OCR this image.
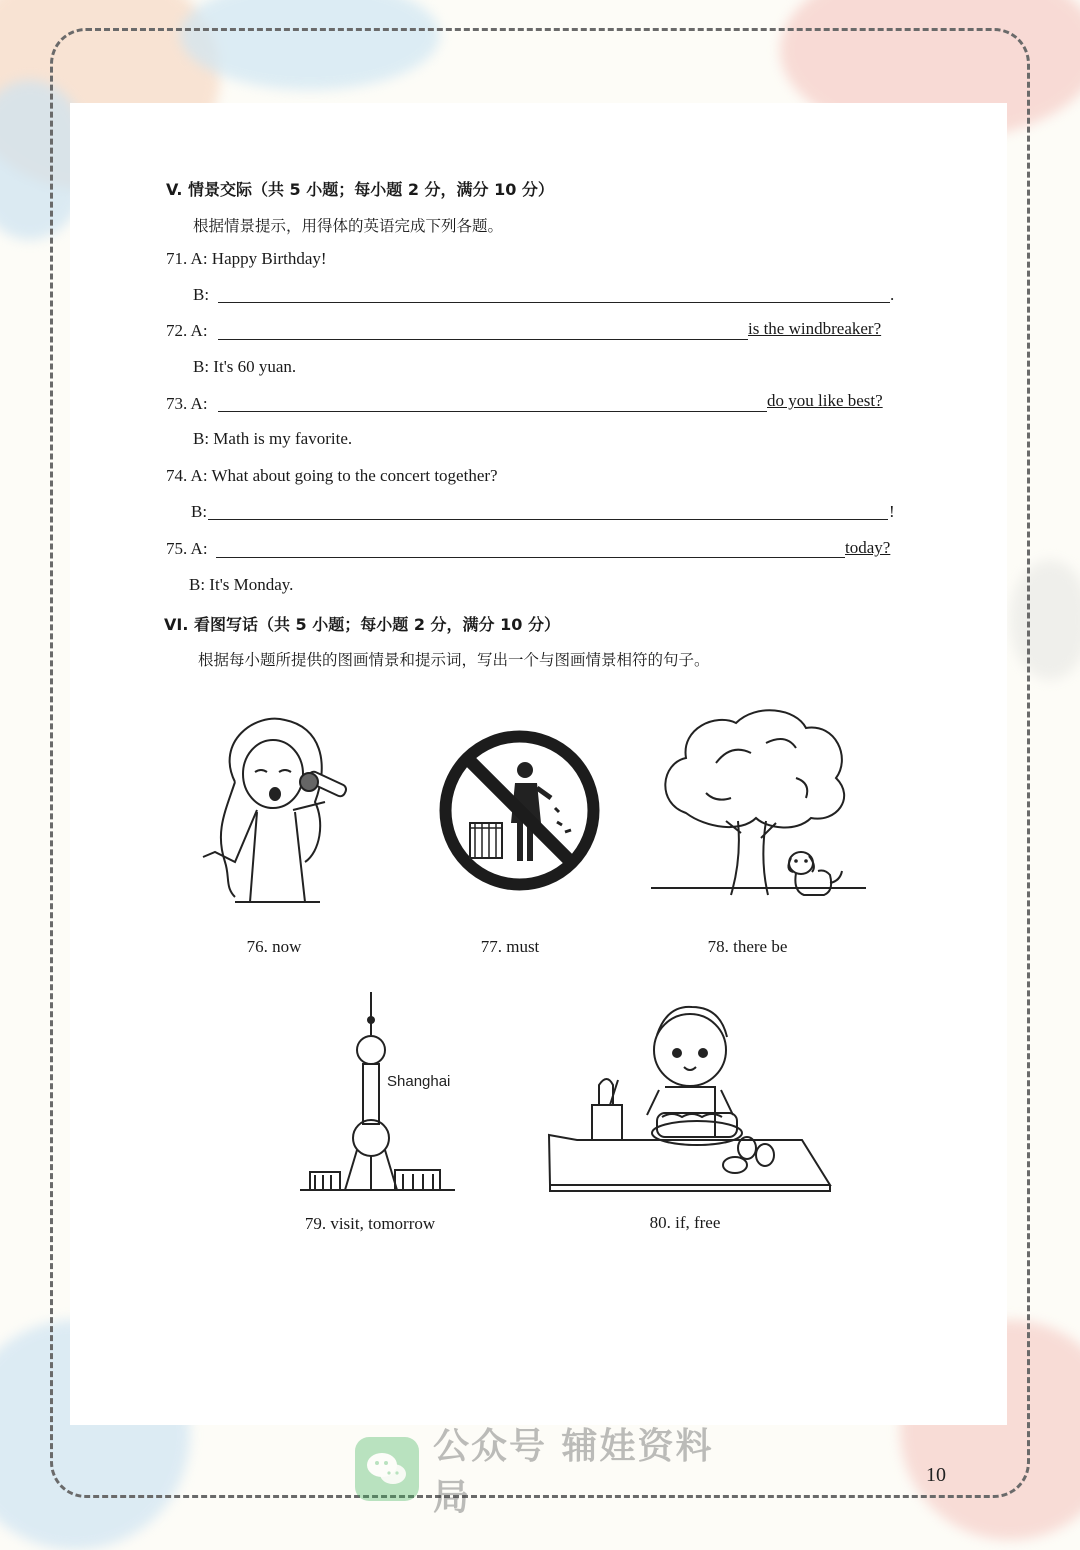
V. 情景交际（共 5 小题；每小题 2 分，满分 10 分）
根据情景提示，用得体的英语完成下列各题。
71. A: Happy Birthday!
B:	.
72. A:	is the windbreaker?
B: It's 60 yuan.
73. A:	do you like best?
B: Math is my favorite.
74. A: What about going to the concert together?
B:	!
75. A:	today?
B: It's Monday.
VI. 看图写话（共 5 小题；每小题 2 分，满分 10 分）
根据每小题所提供的图画情景和提示词，写出一个与图画情景相符的句子。
76. now	77. must	78. there be
Shanghai
79. visit, tomorrow	80. if, free
公众号 辅娃资料局
10
